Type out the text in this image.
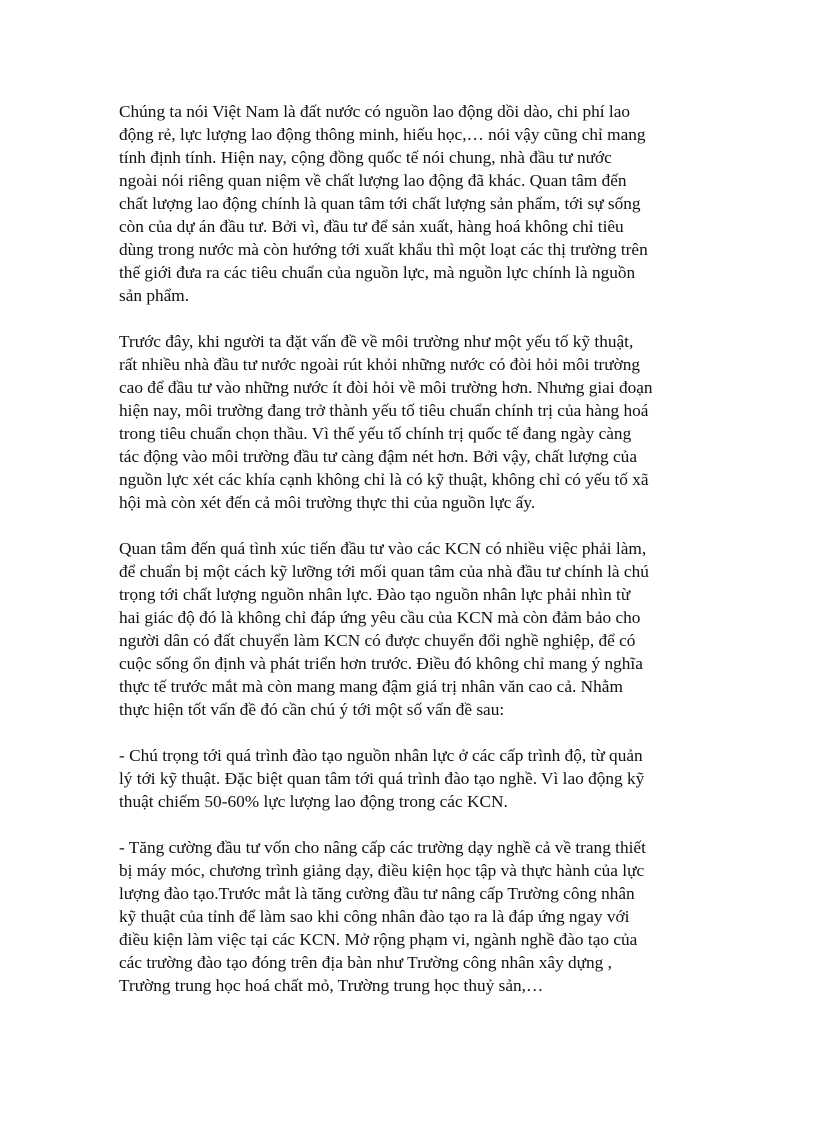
Chúng ta nói Việt Nam là đất nước có nguồn lao động dồi dào, chi phí lao
động rẻ, lực lượng lao động thông minh, hiếu học,… nói vậy cũng chỉ mang
tính định tính. Hiện nay, cộng đồng quốc tế nói chung, nhà đầu tư nước
ngoài nói riêng quan niệm về chất lượng lao động đã khác. Quan tâm đến
chất lượng lao động chính là quan tâm tới chất lượng sản phẩm, tới sự sống
còn của dự án đầu tư. Bởi vì, đầu tư để sản xuất, hàng hoá không chỉ tiêu
dùng trong nước mà còn hướng tới xuất khẩu thì một loạt các thị trường trên
thế giới đưa ra các tiêu chuẩn của nguồn lực, mà nguồn lực chính là nguồn
sản phẩm.

Trước đây, khi người ta đặt vấn đề về môi trường như một yếu tố kỹ thuật,
rất nhiều nhà đầu tư nước ngoài rút khỏi những nước có đòi hỏi môi trường
cao để đầu tư vào những nước ít đòi hỏi về môi trường hơn. Nhưng giai đoạn
hiện nay, môi trường đang trở thành yếu tố tiêu chuẩn chính trị của hàng hoá
trong tiêu chuẩn chọn thầu. Vì thế yếu tố chính trị quốc tế đang ngày càng
tác động vào môi trường đầu tư càng đậm nét hơn. Bởi vậy, chất lượng của
nguồn lực xét các khía cạnh không chỉ là có kỹ thuật, không chỉ có yếu tố xã
hội mà còn xét đến cả môi trường thực thi của nguồn lực ấy.

Quan tâm đến quá tình xúc tiến đầu tư vào các KCN có nhiều việc phải làm,
để chuẩn bị một cách kỹ lưỡng tới mối quan tâm của nhà đầu tư chính là chú
trọng tới chất lượng nguồn nhân lực. Đào tạo nguồn nhân lực phải nhìn từ
hai giác độ đó là không chỉ đáp ứng yêu cầu của KCN mà còn đảm bảo cho
người dân có đất chuyển làm KCN có được chuyển đổi nghề nghiệp, để có
cuộc sống ổn định và phát triển hơn trước. Điều đó không chỉ mang ý nghĩa
thực tế trước mắt mà còn mang mang đậm giá trị nhân văn cao cả. Nhằm
thực hiện tốt vấn đề đó cần chú ý tới một số vấn đề sau:

- Chú trọng tới quá trình đào tạo nguồn nhân lực ở các cấp trình độ, từ quản
lý tới kỹ thuật. Đặc biệt quan tâm tới quá trình đào tạo nghề. Vì lao động kỹ
thuật chiếm 50-60% lực lượng lao động trong các KCN.

- Tăng cường đầu tư vốn cho nâng cấp các trường dạy nghề cả về trang thiết
bị máy móc, chương trình giảng dạy, điều kiện học tập và thực hành của lực
lượng đào tạo.Trước mắt là tăng cường đầu tư nâng cấp Trường công nhân
kỹ thuật của tỉnh để làm sao khi công nhân đào tạo ra là đáp ứng ngay với
điều kiện làm việc tại các KCN. Mở rộng phạm vi, ngành nghề đào tạo của
các trường đào tạo đóng trên địa bàn như Trường công nhân xây dựng ,
Trường trung học hoá chất mỏ, Trường trung học thuỷ sản,…
